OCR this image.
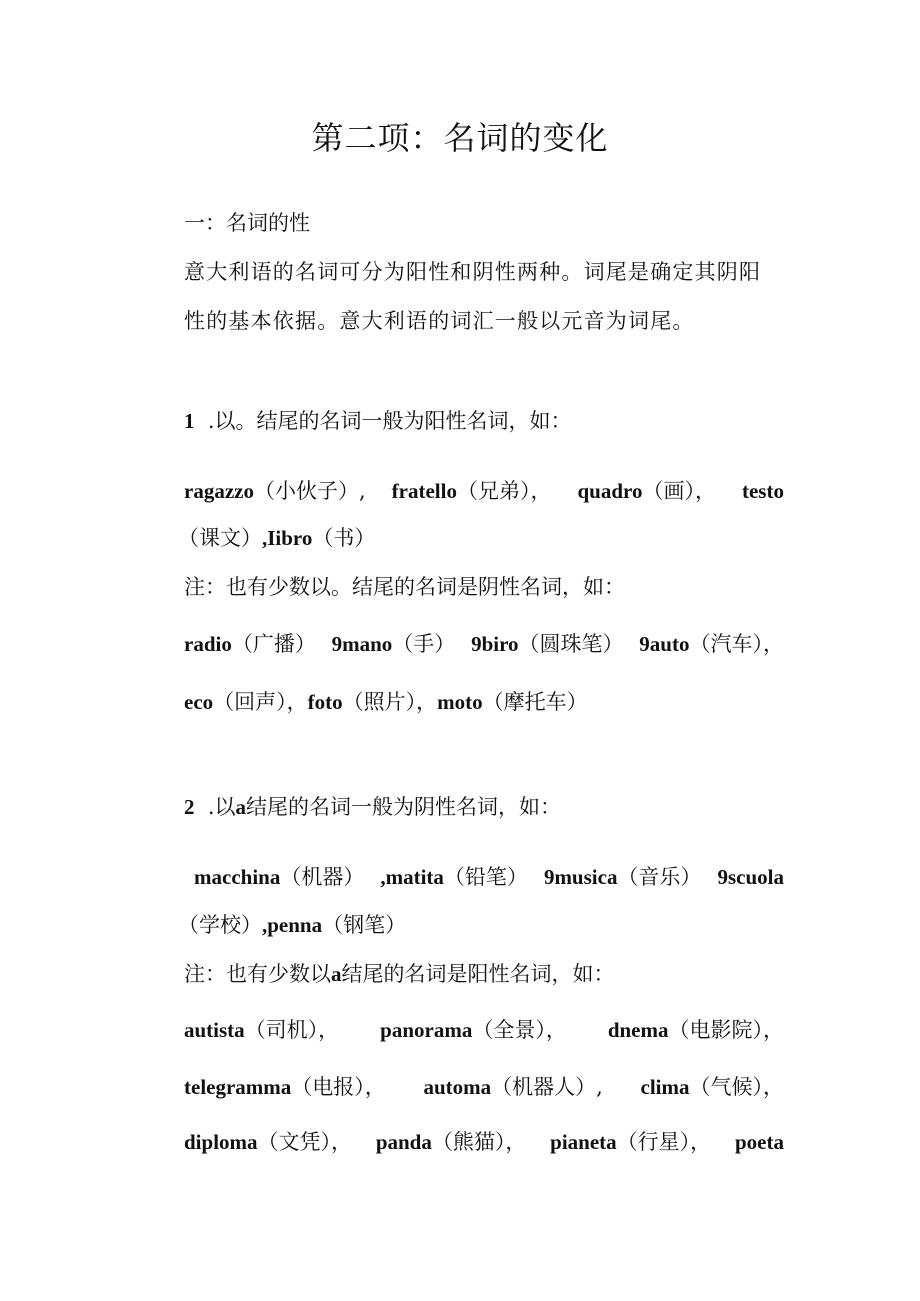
第二项：名词的变化
一：名词的性
意大利语的名词可分为阳性和阴性两种。词尾是确定其阴阳
性的基本依据。意大利语的词汇一般以元音为词尾。
1 .以。结尾的名词一般为阳性名词，如：
ragazzo（小伙子）, fratello（兄弟）， quadro（画）， testo
（课文）,Iibro（书）
注：也有少数以。结尾的名词是阴性名词，如：
radio（广播） 9mano（手） 9biro（圆珠笔） 9auto（汽车），
eco（回声），foto（照片），moto（摩托车）
2 .以a结尾的名词一般为阴性名词，如：
macchina（机器） ,matita（铅笔） 9musica（音乐） 9scuola
（学校）,penna（钢笔）
注：也有少数以a结尾的名词是阳性名词，如：
autista（司机）， panorama（全景）， dnema（电影院），
telegramma（电报）， automa（机器人）, clima（气候），
diploma（文凭）， panda（熊猫）， pianeta（行星）， poeta
